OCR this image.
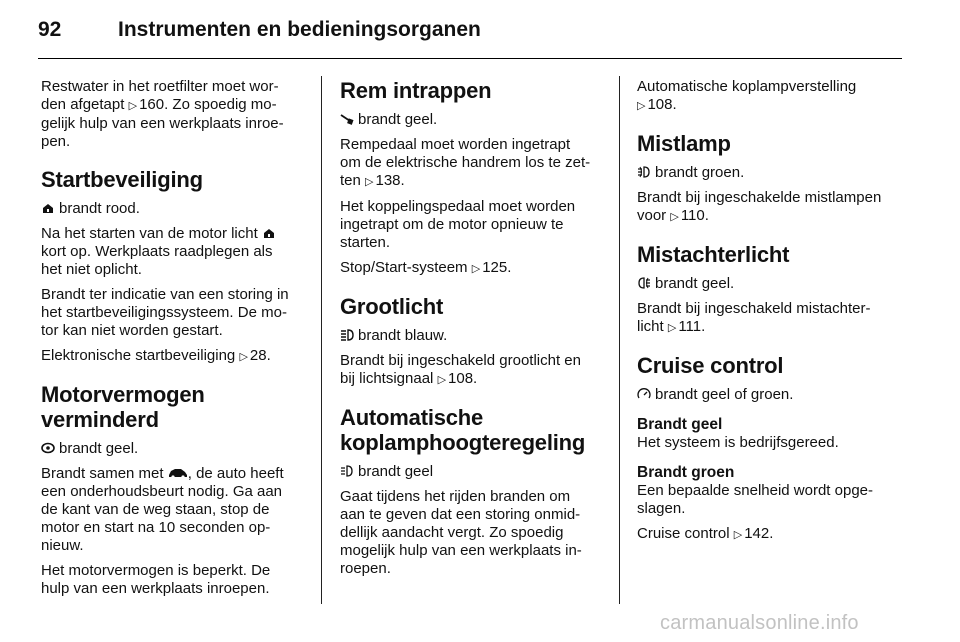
92	Instrumenten en bedieningsorganen
Restwater in het roetfilter moet wor-
den afgetapt ▷ 160. Zo spoedig mo-
gelijk hulp van een werkplaats inroe-
pen.
Startbeveiliging
brandt rood.
Na het starten van de motor licht
kort op. Werkplaats raadplegen als
het niet oplicht.
Brandt ter indicatie van een storing in
het startbeveiligingssysteem. De mo-
tor kan niet worden gestart.
Elektronische startbeveiliging ▷ 28.
Motorvermogen
verminderd
brandt geel.
Brandt samen met , de auto heeft
een onderhoudsbeurt nodig. Ga aan
de kant van de weg staan, stop de
motor en start na 10 seconden op-
nieuw.
Het motorvermogen is beperkt. De
hulp van een werkplaats inroepen.
Rem intrappen
brandt geel.
Rempedaal moet worden ingetrapt
om de elektrische handrem los te zet-
ten ▷ 138.
Het koppelingspedaal moet worden
ingetrapt om de motor opnieuw te
starten.
Stop/Start-systeem ▷ 125.
Grootlicht
brandt blauw.
Brandt bij ingeschakeld grootlicht en
bij lichtsignaal ▷ 108.
Automatische
koplamphoogteregeling
brandt geel
Gaat tijdens het rijden branden om
aan te geven dat een storing onmid-
dellijk aandacht vergt. Zo spoedig
mogelijk hulp van een werkplaats in-
roepen.
Automatische koplampverstelling
▷ 108.
Mistlamp
brandt groen.
Brandt bij ingeschakelde mistlampen
voor ▷ 110.
Mistachterlicht
brandt geel.
Brandt bij ingeschakeld mistachter-
licht ▷ 111.
Cruise control
brandt geel of groen.
Brandt geel
Het systeem is bedrijfsgereed.
Brandt groen
Een bepaalde snelheid wordt opge-
slagen.
Cruise control ▷ 142.
carmanualsonline.info
